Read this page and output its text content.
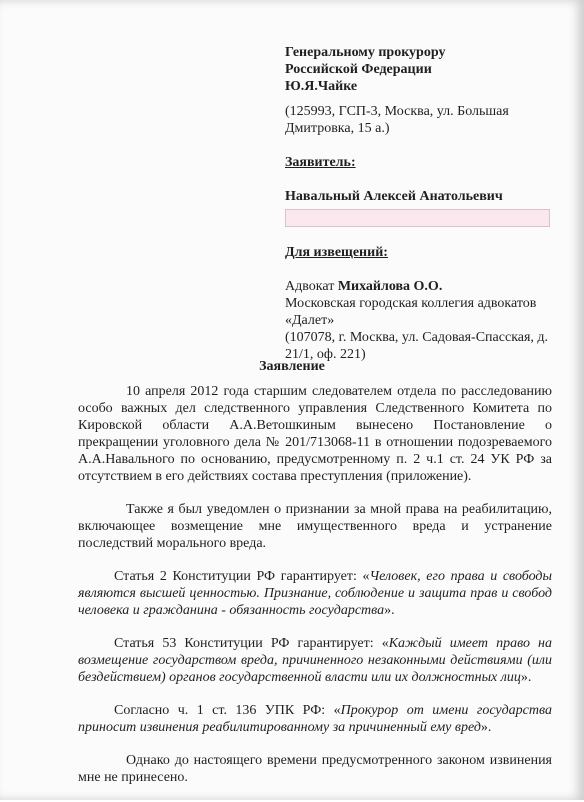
Генеральному прокурору
Российской Федерации
Ю.Я.Чайке
(125993, ГСП-3, Москва, ул. Большая Дмитровка, 15 а.)
Заявитель:
Навальный Алексей Анатольевич
Для извещений:
Адвокат Михайлова О.О.
Московская городская коллегия адвокатов «Далет»
(107078, г. Москва, ул. Садовая-Спасская, д. 21/1, оф. 221)
Заявление

10 апреля 2012 года старшим следователем отдела по расследованию особо важных дел следственного управления Следственного Комитета по Кировской области А.А.Ветошкиным вынесено Постановление о прекращении уголовного дела № 201/713068-11 в отношении подозреваемого А.А.Навального по основанию, предусмотренному п. 2 ч.1 ст. 24 УК РФ за отсутствием в его действиях состава преступления (приложение).

Также я был уведомлен о признании за мной права на реабилитацию, включающее возмещение мне имущественного вреда и устранение последствий морального вреда.

Статья 2 Конституции РФ гарантирует: «Человек, его права и свободы являются высшей ценностью. Признание, соблюдение и защита прав и свобод человека и гражданина - обязанность государства».

Статья 53 Конституции РФ гарантирует: «Каждый имеет право на возмещение государством вреда, причиненного незаконными действиями (или бездействием) органов государственной власти или их должностных лиц».

Согласно ч. 1 ст. 136 УПК РФ: «Прокурор от имени государства приносит извинения реабилитированному за причиненный ему вред».

Однако до настоящего времени предусмотренного законом извинения мне не принесено.
